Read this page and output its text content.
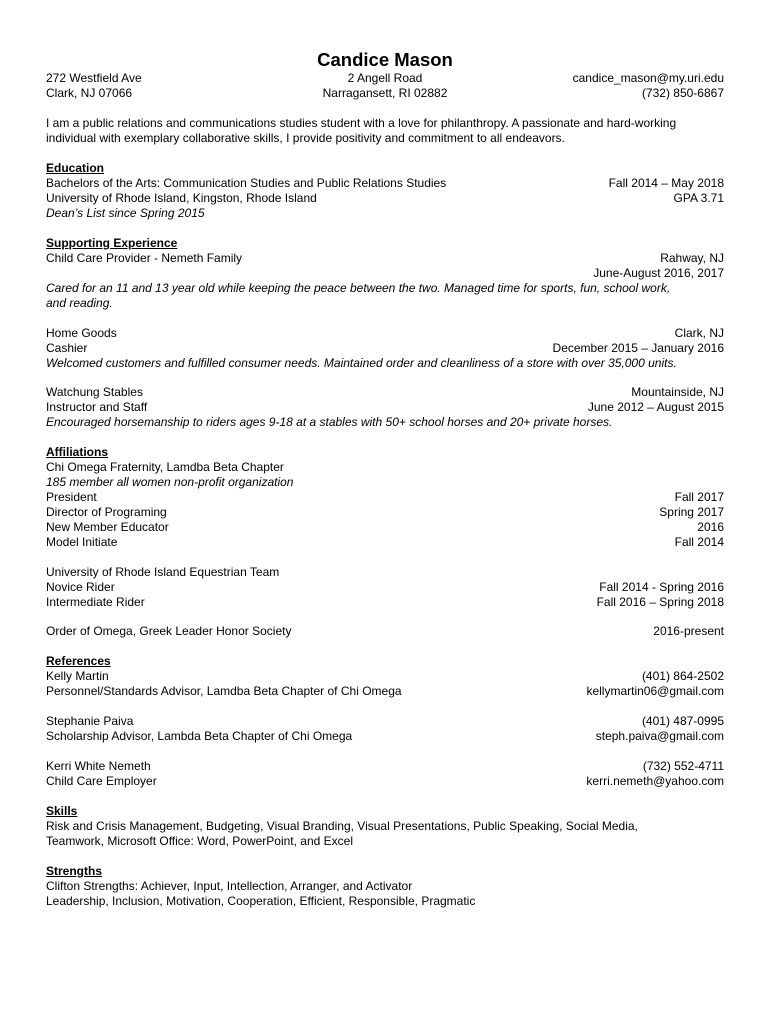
Candice Mason
272 Westfield Ave	2 Angell Road	candice_mason@my.uri.edu
Clark, NJ 07066	Narragansett, RI 02882	(732) 850-6867
I am a public relations and communications studies student with a love for philanthropy. A passionate and hard-working
individual with exemplary collaborative skills, I provide positivity and commitment to all endeavors.
Education
Bachelors of the Arts: Communication Studies and Public Relations Studies	Fall 2014 – May 2018
University of Rhode Island, Kingston, Rhode Island	GPA 3.71
Dean’s List since Spring 2015
Supporting Experience
Child Care Provider - Nemeth Family	Rahway, NJ
June-August 2016, 2017
Cared for an 11 and 13 year old while keeping the peace between the two. Managed time for sports, fun, school work,
and reading.
Home Goods	Clark, NJ
Cashier	December 2015 – January 2016
Welcomed customers and fulfilled consumer needs. Maintained order and cleanliness of a store with over 35,000 units.
Watchung Stables	Mountainside, NJ
Instructor and Staff	June 2012 – August 2015
Encouraged horsemanship to riders ages 9-18 at a stables with 50+ school horses and 20+ private horses.
Affiliations
Chi Omega Fraternity, Lamdba Beta Chapter
185 member all women non-profit organization
President	Fall 2017
Director of Programing	Spring 2017
New Member Educator	2016
Model Initiate	Fall 2014
University of Rhode Island Equestrian Team
Novice Rider	Fall 2014 - Spring 2016
Intermediate Rider	Fall 2016 – Spring 2018
Order of Omega, Greek Leader Honor Society	2016-present
References
Kelly Martin	(401) 864-2502
Personnel/Standards Advisor, Lamdba Beta Chapter of Chi Omega	kellymartin06@gmail.com
Stephanie Paiva	(401) 487-0995
Scholarship Advisor, Lambda Beta Chapter of Chi Omega	steph.paiva@gmail.com
Kerri White Nemeth	(732) 552-4711
Child Care Employer	kerri.nemeth@yahoo.com
Skills
Risk and Crisis Management, Budgeting, Visual Branding, Visual Presentations, Public Speaking, Social Media,
Teamwork, Microsoft Office: Word, PowerPoint, and Excel
Strengths
Clifton Strengths: Achiever, Input, Intellection, Arranger, and Activator
Leadership, Inclusion, Motivation, Cooperation, Efficient, Responsible, Pragmatic
